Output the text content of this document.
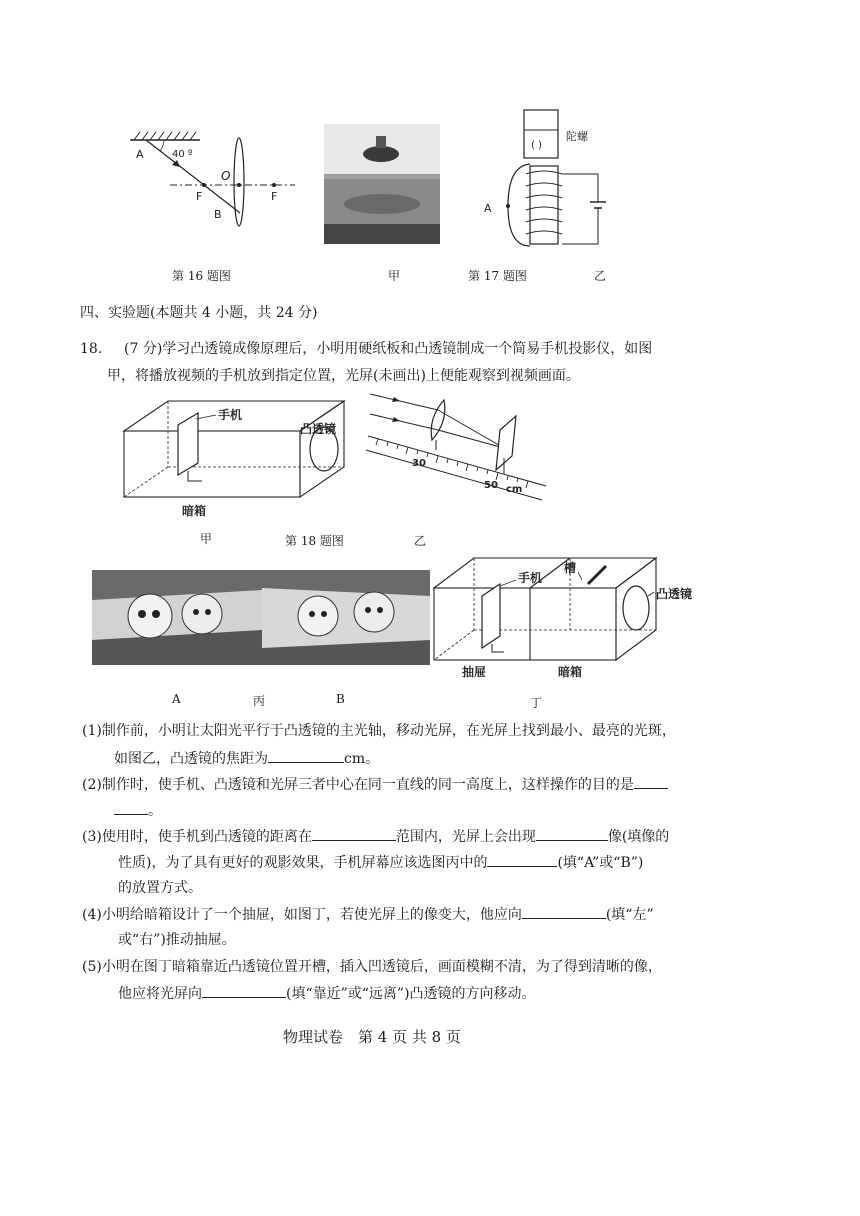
A	40 º
O
F	F
B
第 16 题图	甲	第 17 题图
( )
陀螺
A
乙
四、实验题(本题共 4 小题，共 24 分)
18. (7 分)学习凸透镜成像原理后，小明用硬纸板和凸透镜制成一个简易手机投影仪，如图
甲，将播放视频的手机放到指定位置，光屏(未画出)上便能观察到视频画面。
手机
凸透镜
暗箱
30
50 cm
甲	第 18 题图	乙
A	丙	B
手机
槽
凸透镜
抽屉	暗箱
丁
(1)制作前，小明让太阳光平行于凸透镜的主光轴，移动光屏，在光屏上找到最小、最亮的光斑，
如图乙，凸透镜的焦距为	cm。
(2)制作时，使手机、凸透镜和光屏三者中心在同一直线的同一高度上，这样操作的目的是
。
(3)使用时，使手机到凸透镜的距离在	范围内，光屏上会出现	像(填像的
性质)，为了具有更好的观影效果，手机屏幕应该选图丙中的	(填“A”或“B”)
的放置方式。
(4)小明给暗箱设计了一个抽屉，如图丁，若使光屏上的像变大，他应向	(填“左”
或“右”)推动抽屉。
(5)小明在图丁暗箱靠近凸透镜位置开槽，插入凹透镜后，画面模糊不清，为了得到清晰的像，
他应将光屏向	(填“靠近”或“远离”)凸透镜的方向移动。
物理试卷　第 4 页 共 8 页
